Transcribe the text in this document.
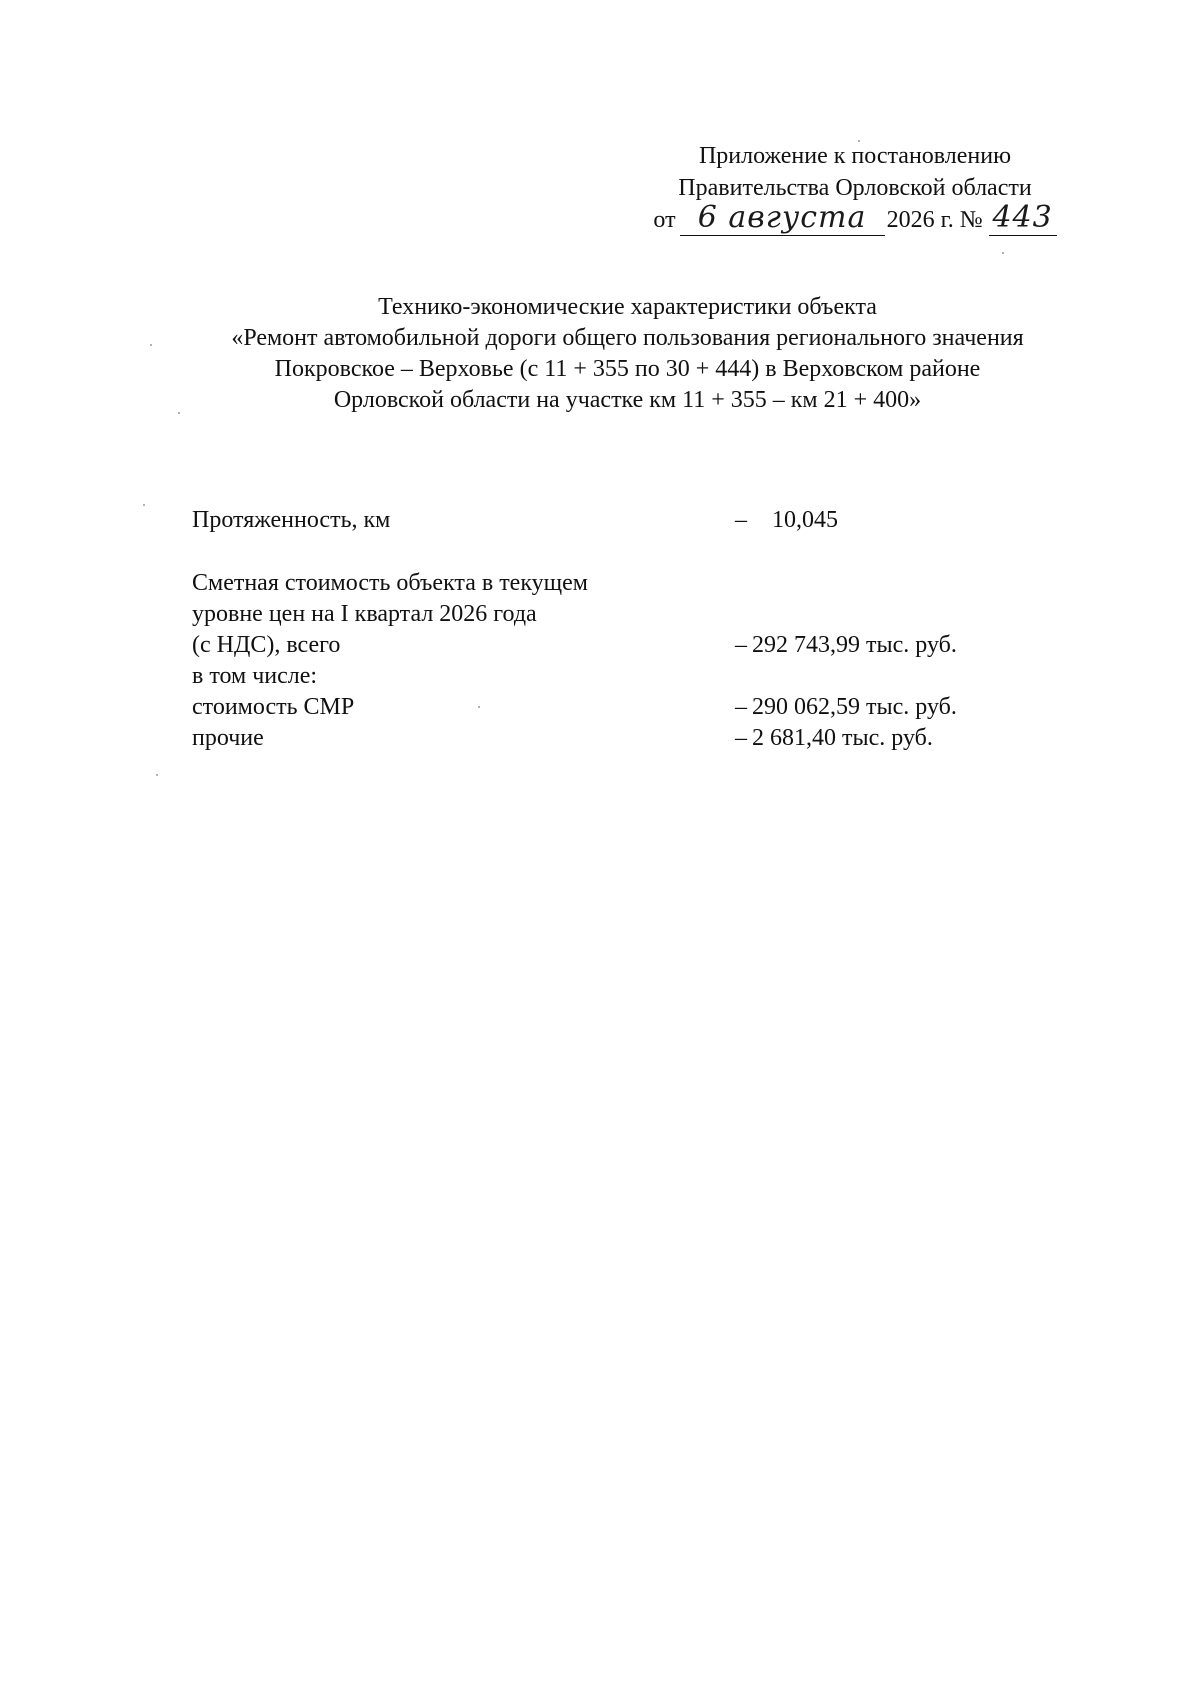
Приложение к постановлению
Правительства Орловской области
от 6 августа 2026 г. № 443
Технико-экономические характеристики объекта
«Ремонт автомобильной дороги общего пользования регионального значения
Покровское – Верховье (с 11 + 355 по 30 + 444) в Верховском районе
Орловской области на участке км 11 + 355 – км 21 + 400»
Протяженность, км	– 10,045
Сметная стоимость объекта в текущем
уровне цен на I квартал 2026 года
(с НДС), всего	– 292 743,99 тыс. руб.
в том числе:
стоимость СМР	– 290 062,59 тыс. руб.
прочие	– 2 681,40 тыс. руб.
